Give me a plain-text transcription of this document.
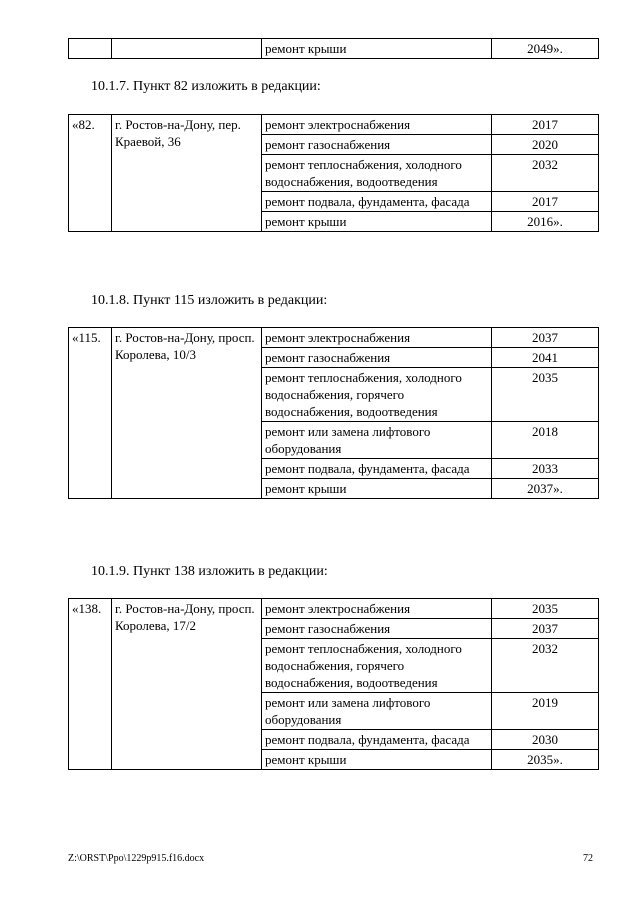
		ремонт крыши	2049».
10.1.7. Пункт 82 изложить в редакции:
«82.	г. Ростов-на-Дону, пер. Краевой, 36	ремонт электроснабжения	2017
		ремонт газоснабжения	2020
		ремонт теплоснабжения, холодного водоснабжения, водоотведения	2032
		ремонт подвала, фундамента, фасада	2017
		ремонт крыши	2016».
10.1.8. Пункт 115 изложить в редакции:
«115.	г. Ростов-на-Дону, просп. Королева, 10/3	ремонт электроснабжения	2037
		ремонт газоснабжения	2041
		ремонт теплоснабжения, холодного водоснабжения, горячего водоснабжения, водоотведения	2035
		ремонт или замена лифтового оборудования	2018
		ремонт подвала, фундамента, фасада	2033
		ремонт крыши	2037».
10.1.9. Пункт 138 изложить в редакции:
«138.	г. Ростов-на-Дону, просп. Королева, 17/2	ремонт электроснабжения	2035
		ремонт газоснабжения	2037
		ремонт теплоснабжения, холодного водоснабжения, горячего водоснабжения, водоотведения	2032
		ремонт или замена лифтового оборудования	2019
		ремонт подвала, фундамента, фасада	2030
		ремонт крыши	2035».
Z:\ORST\Ppo\1229p915.f16.docx	72
